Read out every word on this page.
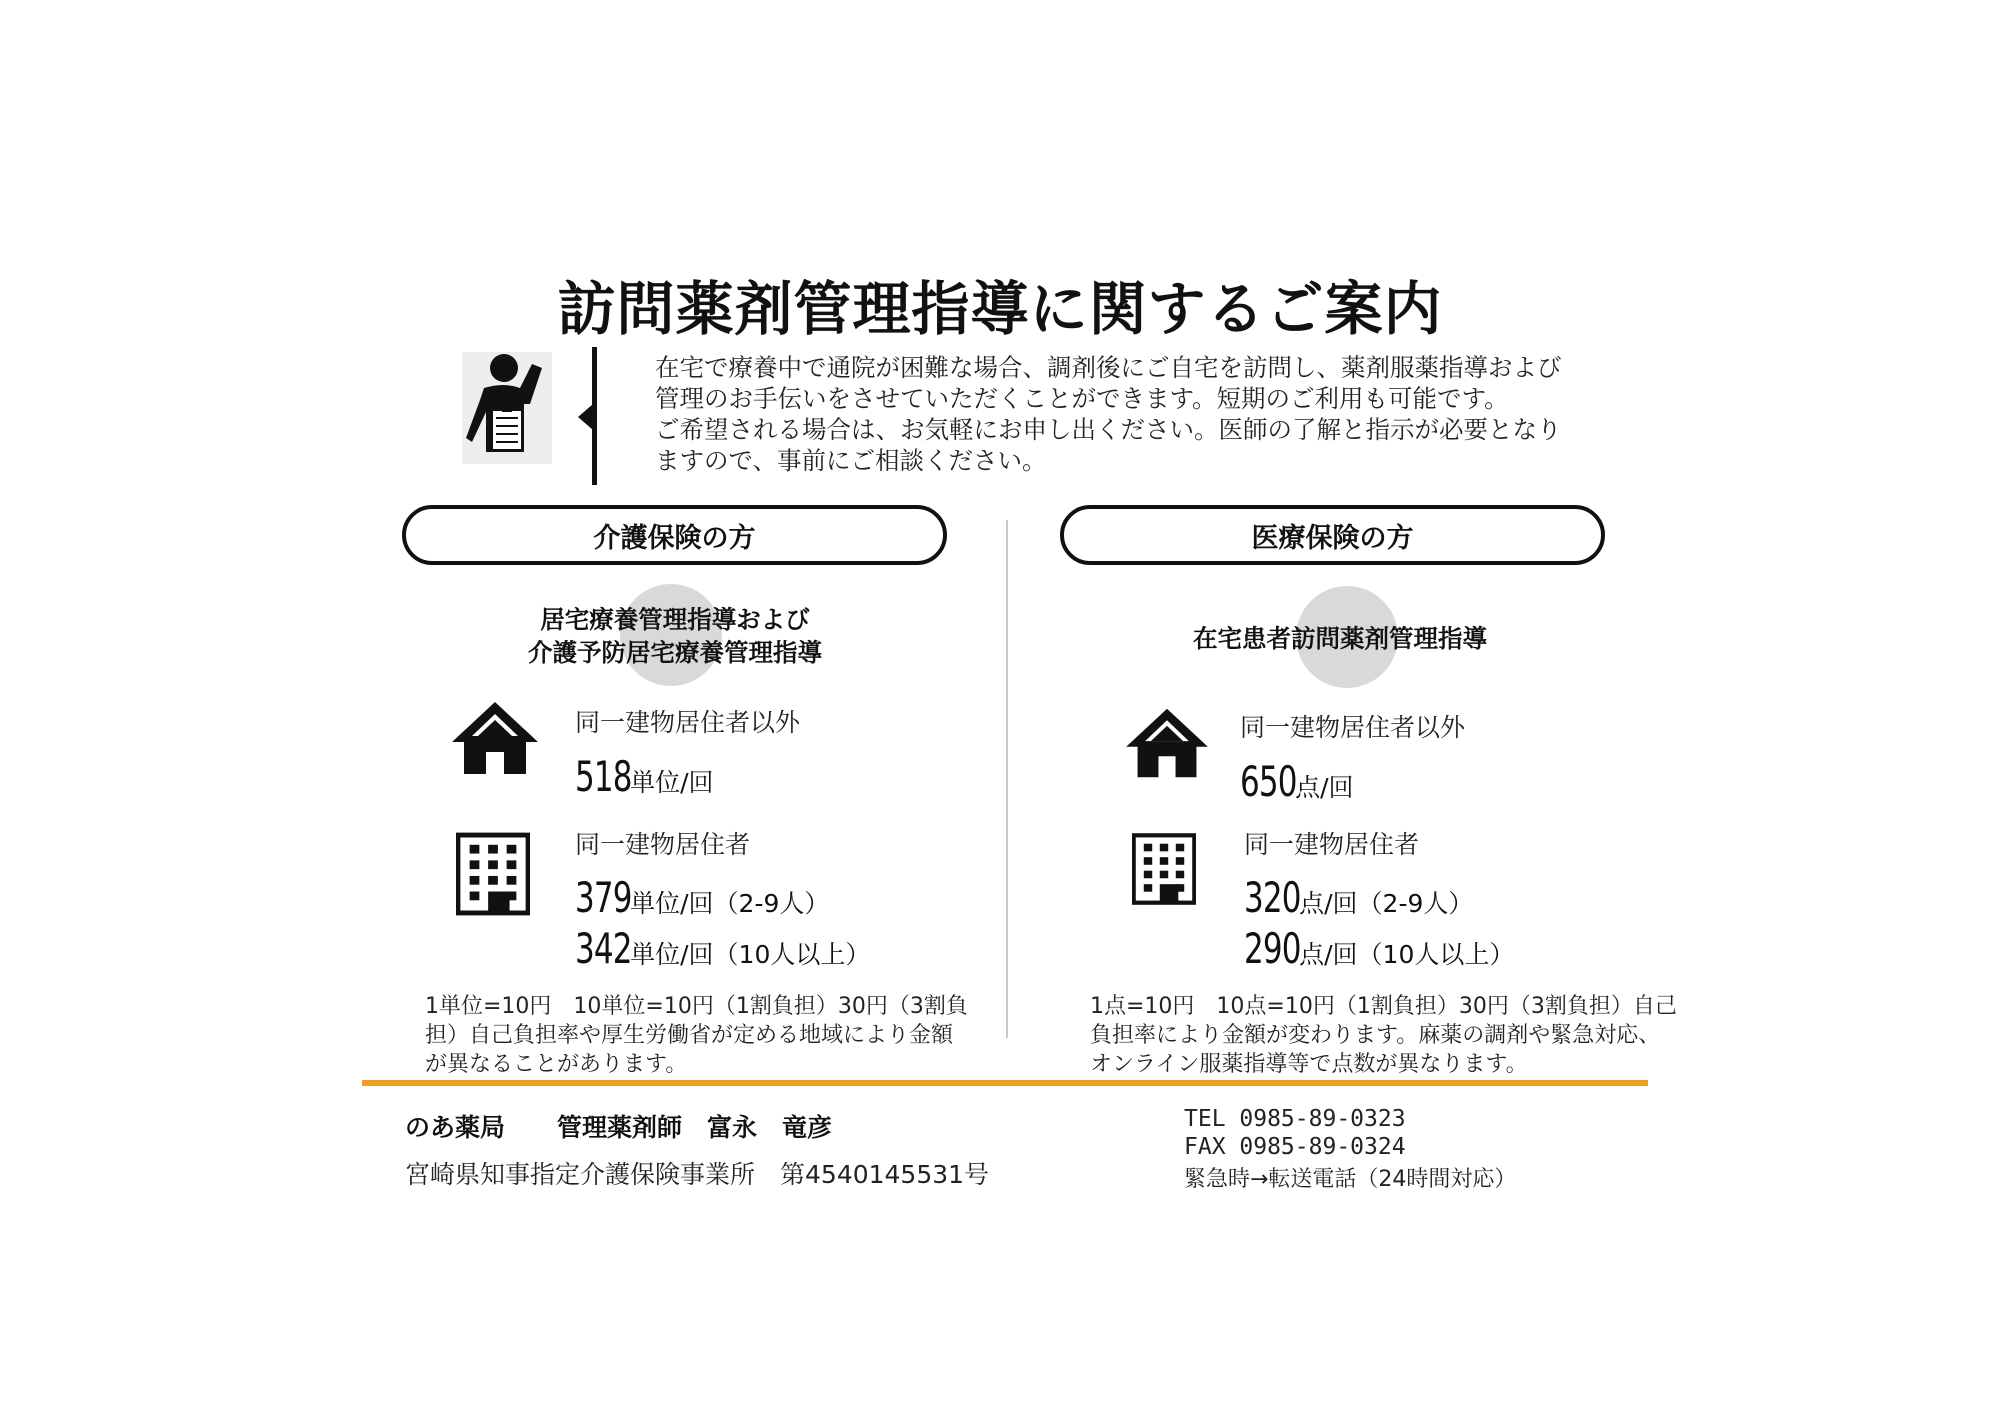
訪問薬剤管理指導に関するご案内

在宅で療養中で通院が困難な場合、調剤後にご自宅を訪問し、薬剤服薬指導および管理のお手伝いをさせていただくことができます。短期のご利用も可能です。

ご希望される場合は、お気軽にお申し出ください。医師の了解と指示が必要となりますので、事前にご相談ください。

介護保険の方	医療保険の方
居宅療養管理指導および
介護予防居宅療養管理指導
同一建物居住者以外
518単位/回
同一建物居住者
379単位/回（2-9人）
342単位/回（10人以上）
1単位=10円　10単位=10円（1割負担）30円（3割負担）自己負担率や厚生労働省が定める地域により金額が異なることがあります。
在宅患者訪問薬剤管理指導
同一建物居住者以外
650点/回
同一建物居住者
320点/回（2-9人）
290点/回（10人以上）
1点=10円　10点=10円（1割負担）30円（3割負担）自己負担率により金額が変わります。麻薬の調剤や緊急対応、オンライン服薬指導等で点数が異なります。
のあ薬局 管理薬剤師　富永　竜彦
宮崎県知事指定介護保険事業所　第4540145531号
TEL 0985-89-0323
FAX 0985-89-0324
緊急時→転送電話（24時間対応）
